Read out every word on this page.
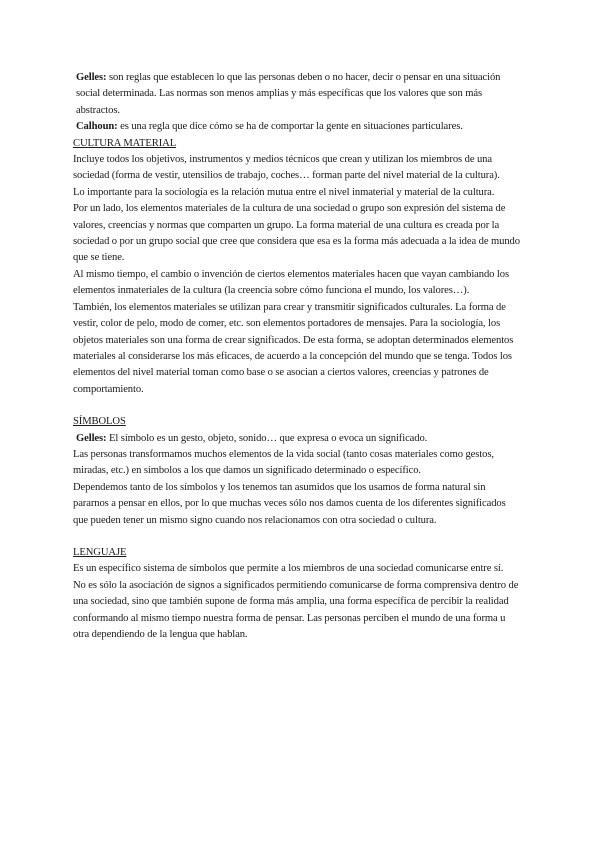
Gelles: son reglas que establecen lo que las personas deben o no hacer, decir o pensar en una situación social determinada. Las normas son menos amplias y más específicas que los valores que son más abstractos.

Calhoun: es una regla que dice cómo se ha de comportar la gente en situaciones particulares.

CULTURA MATERIAL

Incluye todos los objetivos, instrumentos y medios técnicos que crean y utilizan los miembros de una sociedad (forma de vestir, utensilios de trabajo, coches… forman parte del nivel material de la cultura).

Lo importante para la sociología es la relación mutua entre el nivel inmaterial y material de la cultura.

Por un lado, los elementos materiales de la cultura de una sociedad o grupo son expresión del sistema de valores, creencias y normas que comparten un grupo. La forma material de una cultura es creada por la sociedad o por un grupo social que cree que considera que esa es la forma más adecuada a la idea de mundo que se tiene.

Al mismo tiempo, el cambio o invención de ciertos elementos materiales hacen que vayan cambiando los elementos inmateriales de la cultura (la creencia sobre cómo funciona el mundo, los valores…).

También, los elementos materiales se utilizan para crear y transmitir significados culturales. La forma de vestir, color de pelo, modo de comer, etc. son elementos portadores de mensajes. Para la sociología, los objetos materiales son una forma de crear significados. De esta forma, se adoptan determinados elementos materiales al considerarse los más eficaces, de acuerdo a la concepción del mundo que se tenga. Todos los elementos del nivel material toman como base o se asocian a ciertos valores, creencias y patrones de comportamiento.

SÍMBOLOS

Gelles: El símbolo es un gesto, objeto, sonido… que expresa o evoca un significado.

Las personas transformamos muchos elementos de la vida social (tanto cosas materiales como gestos, miradas, etc.) en símbolos a los que damos un significado determinado o específico.

Dependemos tanto de los símbolos y los tenemos tan asumidos que los usamos de forma natural sin pararnos a pensar en ellos, por lo que muchas veces sólo nos damos cuenta de los diferentes significados que pueden tener un mismo signo cuando nos relacionamos con otra sociedad o cultura.

LENGUAJE

Es un específico sistema de símbolos que permite a los miembros de una sociedad comunicarse entre sí.

No es sólo la asociación de signos a significados permitiendo comunicarse de forma comprensiva dentro de una sociedad, sino que también supone de forma más amplia, una forma específica de percibir la realidad conformando al mismo tiempo nuestra forma de pensar. Las personas perciben el mundo de una forma u otra dependiendo de la lengua que hablan.
